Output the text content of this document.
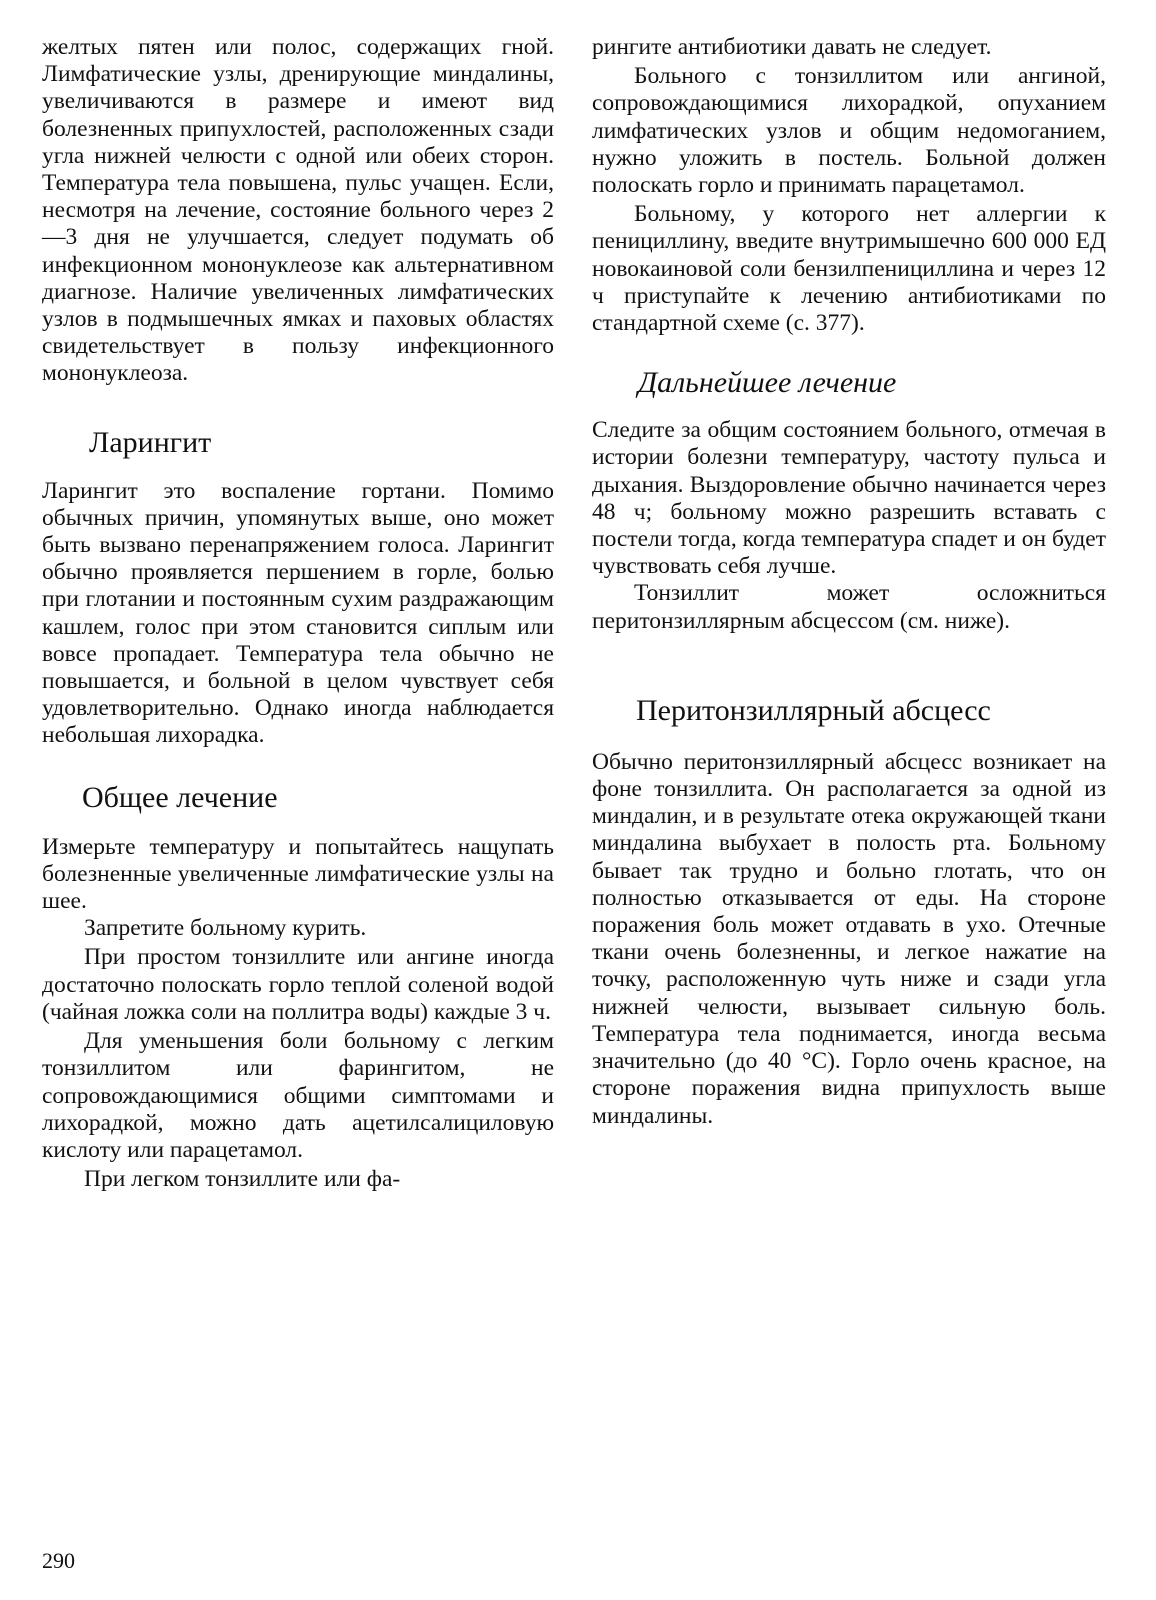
желтых пятен или полос, содержащих гной. Лимфатические узлы, дренирующие миндалины, увеличиваются в размере и имеют вид болезненных припухлостей, расположенных сзади угла нижней челюсти с одной или обеих сторон. Температура тела повышена, пульс учащен. Если, несмотря на лечение, состояние больного через 2—3 дня не улучшается, следует подумать об инфекционном мононуклеозе как альтернативном диагнозе. Наличие увеличенных лимфатических узлов в подмышечных ямках и паховых областях свидетельствует в пользу инфекционного мононуклеоза.

Ларингит

Ларингит это воспаление гортани. Помимо обычных причин, упомянутых выше, оно может быть вызвано перенапряжением голоса. Ларингит обычно проявляется першением в горле, болью при глотании и постоянным сухим раздражающим кашлем, голос при этом становится сиплым или вовсе пропадает. Температура тела обычно не повышается, и больной в целом чувствует себя удовлетворительно. Однако иногда наблюдается небольшая лихорадка.

Общее лечение

Измерьте температуру и попытайтесь нащупать болезненные увеличенные лимфатические узлы на шее.

Запретите больному курить.

При простом тонзиллите или ангине иногда достаточно полоскать горло теплой соленой водой (чайная ложка соли на поллитра воды) каждые 3 ч.

Для уменьшения боли больному с легким тонзиллитом или фарингитом, не сопровождающимися общими симптомами и лихорадкой, можно дать ацетилсалициловую кислоту или парацетамол.

При легком тонзиллите или фа-

рингите антибиотики давать не следует.

Больного с тонзиллитом или ангиной, сопровождающимися лихорадкой, опуханием лимфатических узлов и общим недомоганием, нужно уложить в постель. Больной должен полоскать горло и принимать парацетамол.

Больному, у которого нет аллергии к пенициллину, введите внутримышечно 600 000 ЕД новокаиновой соли бензилпенициллина и через 12 ч приступайте к лечению антибиотиками по стандартной схеме (с. 377).

Дальнейшее лечение

Следите за общим состоянием больного, отмечая в истории болезни температуру, частоту пульса и дыхания. Выздоровление обычно начинается через 48 ч; больному можно разрешить вставать с постели тогда, когда температура спадет и он будет чувствовать себя лучше.

Тонзиллит может осложниться перитонзиллярным абсцессом (см. ниже).

Перитонзиллярный абсцесс

Обычно перитонзиллярный абсцесс возникает на фоне тонзиллита. Он располагается за одной из миндалин, и в результате отека окружающей ткани миндалина выбухает в полость рта. Больному бывает так трудно и больно глотать, что он полностью отказывается от еды. На стороне поражения боль может отдавать в ухо. Отечные ткани очень болезненны, и легкое нажатие на точку, расположенную чуть ниже и сзади угла нижней челюсти, вызывает сильную боль. Температура тела поднимается, иногда весьма значительно (до 40 °С). Горло очень красное, на стороне поражения видна припухлость выше миндалины.

290
